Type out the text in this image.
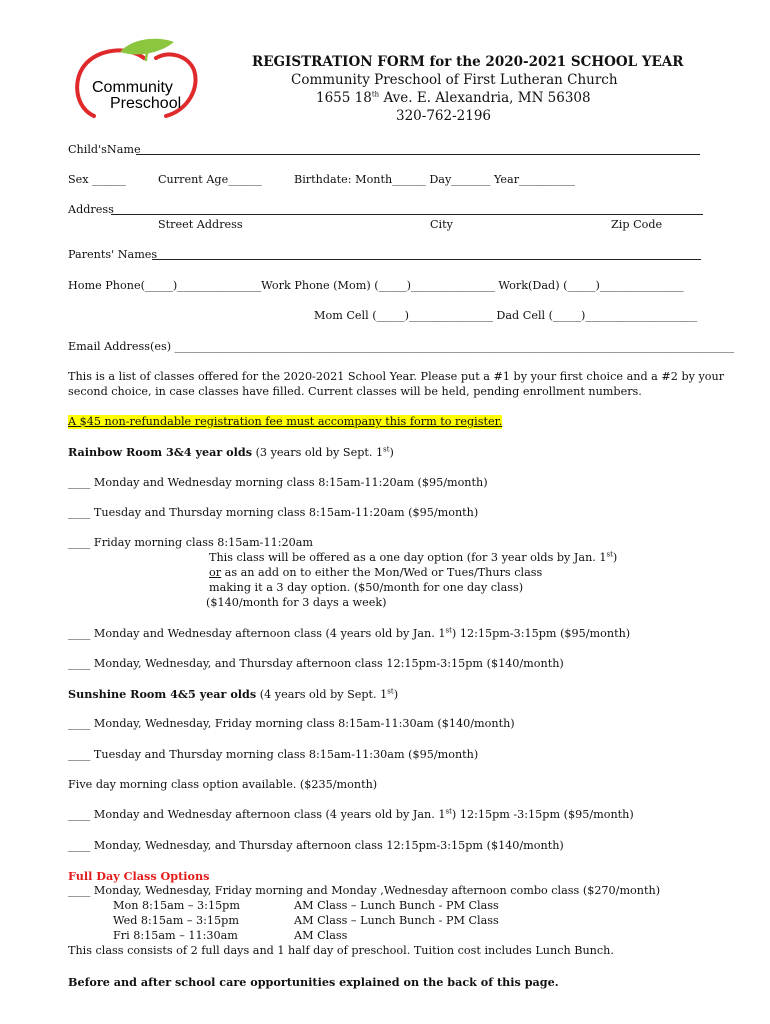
Community
Preschool
REGISTRATION FORM for the 2020-2021 SCHOOL YEAR
Community Preschool of First Lutheran Church
1655 18th Ave. E. Alexandria, MN 56308
320-762-2196
Child'sName
Sex ______	Current Age______	Birthdate: Month______ Day_______ Year__________
Address
Street Address	City	Zip Code
Parents' Names
Home Phone(_____)_______________Work Phone (Mom) (_____)_______________ Work(Dad) (_____)_______________
Mom Cell (_____)_______________ Dad Cell (_____)____________________
Email Address(es) ____________________________________________________________________________________________________
This is a list of classes offered for the 2020-2021 School Year. Please put a #1 by your first choice and a #2 by your
second choice, in case classes have filled. Current classes will be held, pending enrollment numbers.
A $45 non-refundable registration fee must accompany this form to register.
Rainbow Room 3&4 year olds (3 years old by Sept. 1st)
____ Monday and Wednesday morning class 8:15am-11:20am ($95/month)
____ Tuesday and Thursday morning class 8:15am-11:20am ($95/month)
____ Friday morning class 8:15am-11:20am
This class will be offered as a one day option (for 3 year olds by Jan. 1st)
or as an add on to either the Mon/Wed or Tues/Thurs class
making it a 3 day option. ($50/month for one day class)
($140/month for 3 days a week)
____ Monday and Wednesday afternoon class (4 years old by Jan. 1st) 12:15pm-3:15pm ($95/month)
____ Monday, Wednesday, and Thursday afternoon class 12:15pm-3:15pm ($140/month)
Sunshine Room 4&5 year olds (4 years old by Sept. 1st)
____ Monday, Wednesday, Friday morning class 8:15am-11:30am ($140/month)
____ Tuesday and Thursday morning class 8:15am-11:30am ($95/month)
Five day morning class option available. ($235/month)
____ Monday and Wednesday afternoon class (4 years old by Jan. 1st) 12:15pm -3:15pm ($95/month)
____ Monday, Wednesday, and Thursday afternoon class 12:15pm-3:15pm ($140/month)
Full Day Class Options
____ Monday, Wednesday, Friday morning and Monday ,Wednesday afternoon combo class ($270/month)
Mon 8:15am – 3:15pm	AM Class – Lunch Bunch - PM Class
Wed 8:15am – 3:15pm	AM Class – Lunch Bunch - PM Class
Fri 8:15am – 11:30am	AM Class
This class consists of 2 full days and 1 half day of preschool. Tuition cost includes Lunch Bunch.
Before and after school care opportunities explained on the back of this page.
